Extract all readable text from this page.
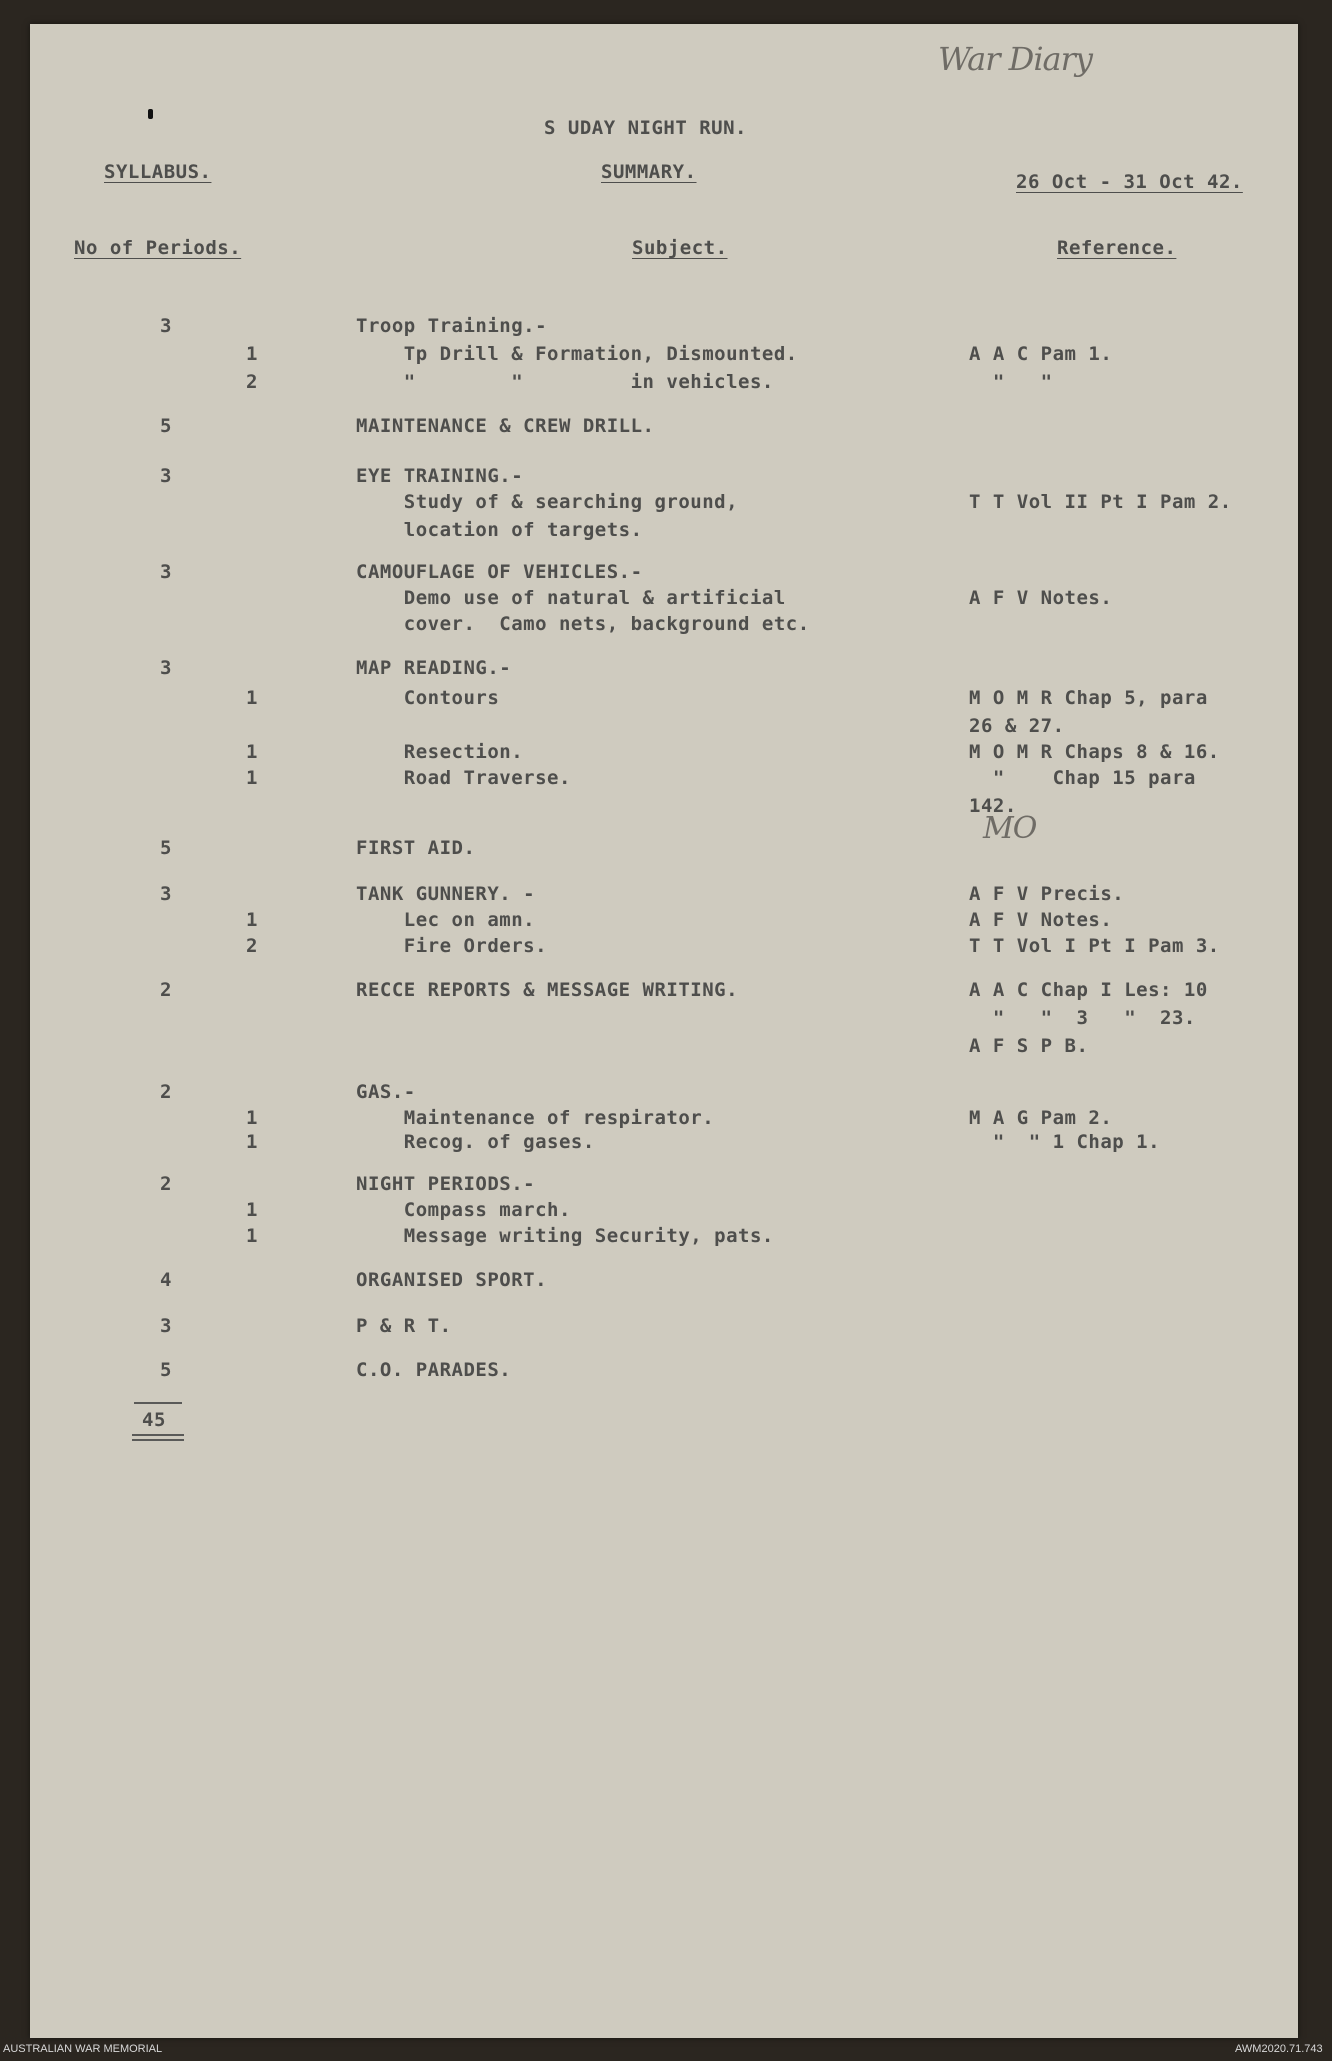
War Diary
S UDAY NIGHT RUN.
SYLLABUS.	SUMMARY.	26 Oct - 31 Oct 42.
No of Periods.	Subject.	Reference.
3	Troop Training.-
1	Tp Drill & Formation, Dismounted.	A A C Pam 1.
2	"        "         in vehicles.	"   "
5	MAINTENANCE & CREW DRILL.
3	EYE TRAINING.-
Study of & searching ground,	T T Vol II Pt I Pam 2.
location of targets.
3	CAMOUFLAGE OF VEHICLES.-
Demo use of natural & artificial	A F V Notes.
cover.  Camo nets, background etc.
3	MAP READING.-
1	Contours	M O M R Chap 5, para
26 & 27.
1	Resection.	M O M R Chaps 8 & 16.
1	Road Traverse.	"    Chap 15 para
142.
5	FIRST AID.
3	TANK GUNNERY. -	A F V Precis.
1	Lec on amn.	A F V Notes.
2	Fire Orders.	T T Vol I Pt I Pam 3.
2	RECCE REPORTS & MESSAGE WRITING.	A A C Chap I Les: 10
"   "  3   "  23.
A F S P B.
2	GAS.-
1	Maintenance of respirator.	M A G Pam 2.
1	Recog. of gases.	"  " 1 Chap 1.
2	NIGHT PERIODS.-
1	Compass march.
1	Message writing Security, pats.
4	ORGANISED SPORT.
3	P & R T.
5	C.O. PARADES.
MO
45
AUSTRALIAN WAR MEMORIAL	AWM2020.71.743
